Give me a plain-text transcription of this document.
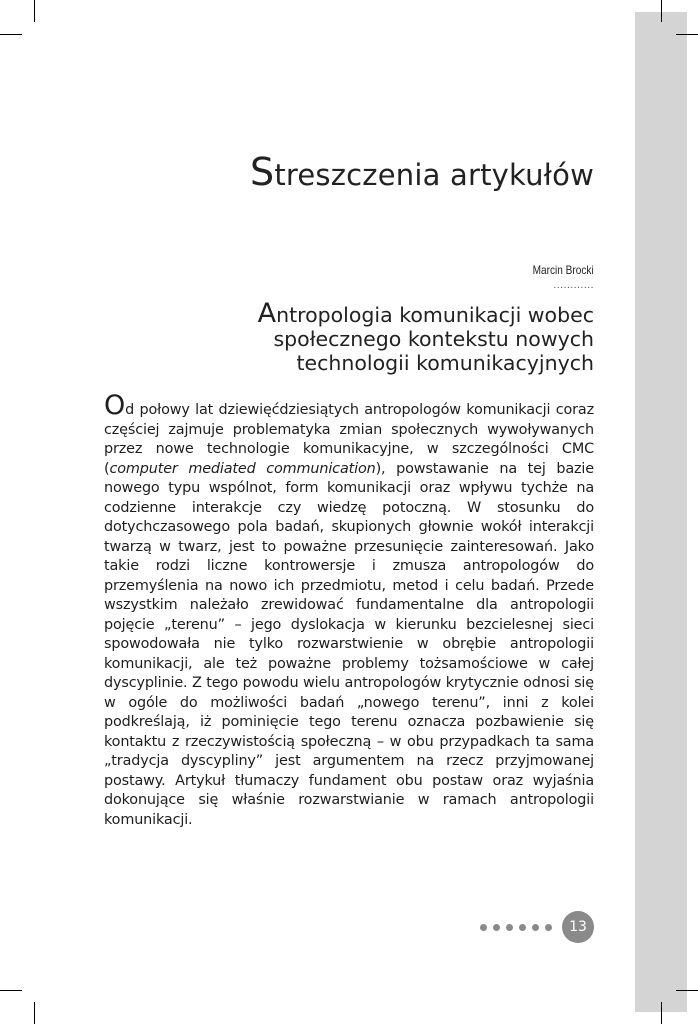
Streszczenia artykułów
Marcin Brocki
............
Antropologia komunikacji wobec
społecznego kontekstu nowych
technologii komunikacyjnych

Od połowy lat dziewięćdziesiątych antropologów komunikacji coraz częściej zajmuje problematyka zmian społecznych wywoływanych przez nowe technologie komunikacyjne, w szczególności CMC (computer mediated communication), powstawanie na tej bazie nowego typu wspólnot, form komunikacji oraz wpływu tychże na codzienne interakcje czy wiedzę potoczną. W stosunku do dotychczasowego pola badań, skupionych głownie wokół interakcji twarzą w twarz, jest to poważne przesunięcie zainteresowań. Jako takie rodzi liczne kontrowersje i zmusza antropologów do przemyślenia na nowo ich przedmiotu, metod i celu badań. Przede wszystkim należało zrewidować fundamentalne dla antropologii pojęcie „terenu” – jego dyslokacja w kierunku bezcielesnej sieci spowodowała nie tylko rozwarstwienie w obrębie antropologii komunikacji, ale też poważne problemy tożsamościowe w całej dyscyplinie. Z tego powodu wielu antropologów krytycznie odnosi się w ogóle do możliwości badań „nowego terenu”, inni z kolei podkreślają, iż pominięcie tego terenu oznacza pozbawienie się kontaktu z rzeczywistością społeczną – w obu przypadkach ta sama „tradycja dyscypliny” jest argumentem na rzecz przyjmowanej postawy. Artykuł tłumaczy fundament obu postaw oraz wyjaśnia dokonujące się właśnie rozwarstwianie w ramach antropologii komunikacji.

13
